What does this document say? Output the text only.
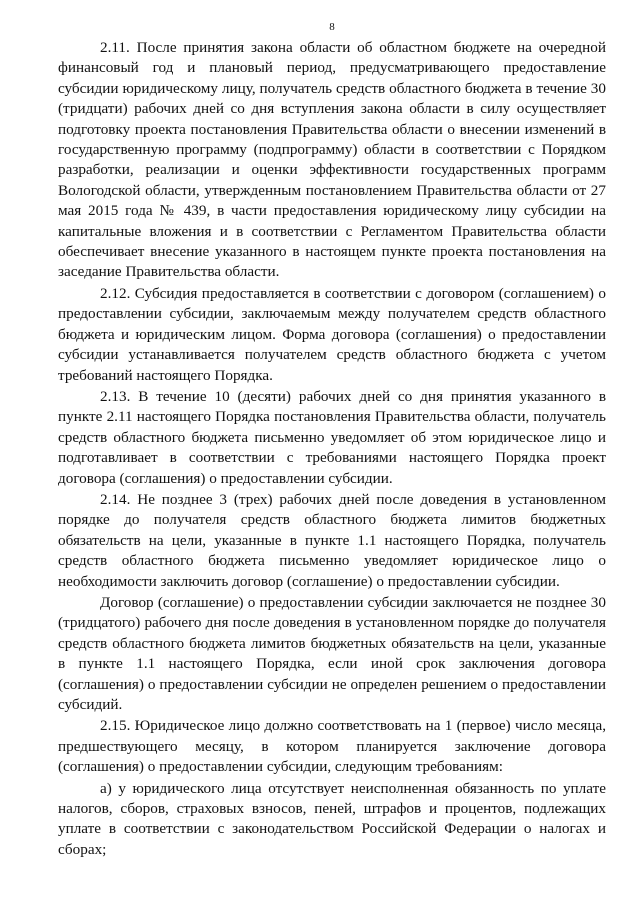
8

2.11. После принятия закона области об областном бюджете на очередной финансовый год и плановый период, предусматривающего предоставление субсидии юридическому лицу, получатель средств областного бюджета в течение 30 (тридцати) рабочих дней со дня вступления закона области в силу осуществляет подготовку проекта постановления Правительства области о внесении изменений в государственную программу (подпрограмму) области в соответствии с Порядком разработки, реализации и оценки эффективности государственных программ Вологодской области, утвержденным постановлением Правительства области от 27 мая 2015 года № 439, в части предоставления юридическому лицу субсидии на капитальные вложения и в соответствии с Регламентом Правительства области обеспечивает внесение указанного в настоящем пункте проекта постановления на заседание Правительства области.

2.12. Субсидия предоставляется в соответствии с договором (соглашением) о предоставлении субсидии, заключаемым между получателем средств областного бюджета и юридическим лицом. Форма договора (соглашения) о предоставлении субсидии устанавливается получателем средств областного бюджета с учетом требований настоящего Порядка.

2.13. В течение 10 (десяти) рабочих дней со дня принятия указанного в пункте 2.11 настоящего Порядка постановления Правительства области, получатель средств областного бюджета письменно уведомляет об этом юридическое лицо и подготавливает в соответствии с требованиями настоящего Порядка проект договора (соглашения) о предоставлении субсидии.

2.14. Не позднее 3 (трех) рабочих дней после доведения в установленном порядке до получателя средств областного бюджета лимитов бюджетных обязательств на цели, указанные в пункте 1.1 настоящего Порядка, получатель средств областного бюджета письменно уведомляет юридическое лицо о необходимости заключить договор (соглашение) о предоставлении субсидии.

Договор (соглашение) о предоставлении субсидии заключается не позднее 30 (тридцатого) рабочего дня после доведения в установленном порядке до получателя средств областного бюджета лимитов бюджетных обязательств на цели, указанные в пункте 1.1 настоящего Порядка, если иной срок заключения договора (соглашения) о предоставлении субсидии не определен решением о предоставлении субсидий.

2.15. Юридическое лицо должно соответствовать на 1 (первое) число месяца, предшествующего месяцу, в котором планируется заключение договора (соглашения) о предоставлении субсидии, следующим требованиям:

а) у юридического лица отсутствует неисполненная обязанность по уплате налогов, сборов, страховых взносов, пеней, штрафов и процентов, подлежащих уплате в соответствии с законодательством Российской Федерации о налогах и сборах;
